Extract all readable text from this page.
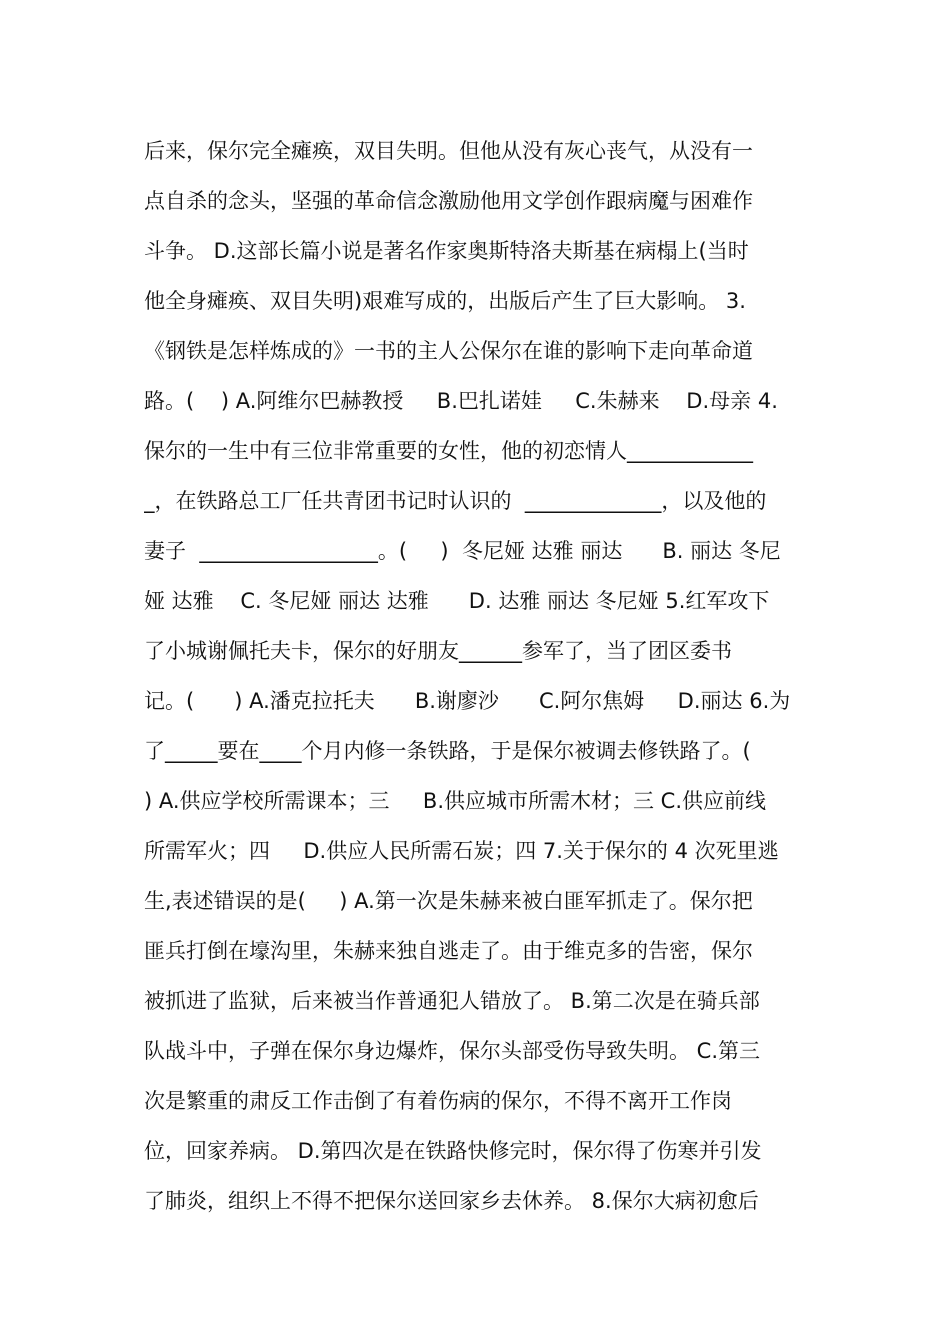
后来，保尔完全瘫痪，双目失明。但他从没有灰心丧气，从没有一
点自杀的念头，坚强的革命信念激励他用文学创作跟病魔与困难作
斗争。 D.这部长篇小说是著名作家奥斯特洛夫斯基在病榻上(当时
他全身瘫痪、双目失明)艰难写成的，出版后产生了巨大影响。 3.
《钢铁是怎样炼成的》一书的主人公保尔在谁的影响下走向革命道
路。(    ) A.阿维尔巴赫教授     B.巴扎诺娃     C.朱赫来    D.母亲 4.
保尔的一生中有三位非常重要的女性，他的初恋情人____________
_，在铁路总工厂任共青团书记时认识的  _____________，以及他的
妻子  _________________。(     )  冬尼娅 达雅 丽达      B. 丽达 冬尼
娅 达雅    C. 冬尼娅 丽达 达雅      D. 达雅 丽达 冬尼娅 5.红军攻下
了小城谢佩托夫卡，保尔的好朋友______参军了，当了团区委书
记。(      ) A.潘克拉托夫      B.谢廖沙      C.阿尔焦姆     D.丽达 6.为
了_____要在____个月内修一条铁路，于是保尔被调去修铁路了。(
) A.供应学校所需课本；三     B.供应城市所需木材；三 C.供应前线
所需军火；四     D.供应人民所需石炭；四 7.关于保尔的 4 次死里逃
生,表述错误的是(     ) A.第一次是朱赫来被白匪军抓走了。保尔把
匪兵打倒在壕沟里，朱赫来独自逃走了。由于维克多的告密，保尔
被抓进了监狱，后来被当作普通犯人错放了。 B.第二次是在骑兵部
队战斗中，子弹在保尔身边爆炸，保尔头部受伤导致失明。 C.第三
次是繁重的肃反工作击倒了有着伤病的保尔，不得不离开工作岗
位，回家养病。 D.第四次是在铁路快修完时，保尔得了伤寒并引发
了肺炎，组织上不得不把保尔送回家乡去休养。 8.保尔大病初愈后
